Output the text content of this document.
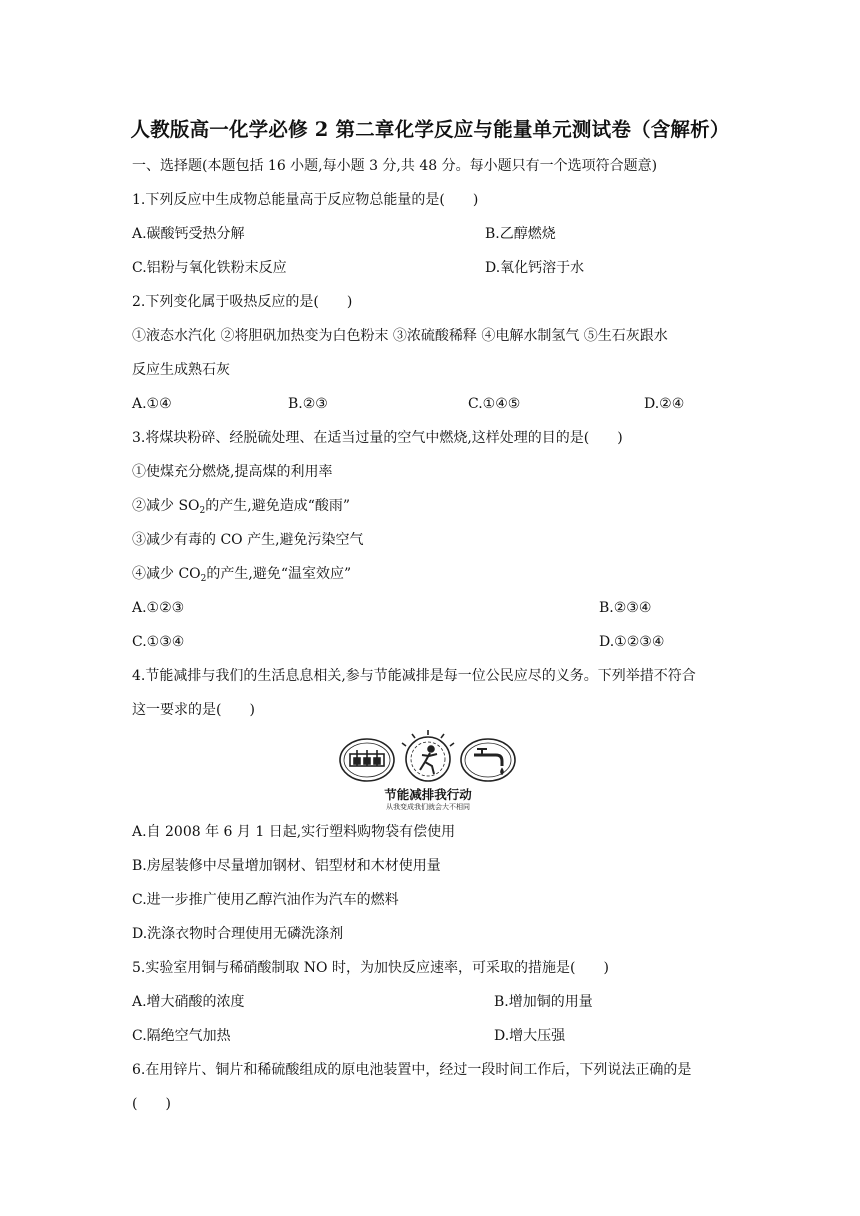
人教版高一化学必修 2 第二章化学反应与能量单元测试卷（含解析）
一、选择题(本题包括 16 小题,每小题 3 分,共 48 分。每小题只有一个选项符合题意)
1.下列反应中生成物总能量高于反应物总能量的是(　　)
A.碳酸钙受热分解	B.乙醇燃烧
C.铝粉与氧化铁粉末反应	D.氧化钙溶于水
2.下列变化属于吸热反应的是(　　)
①液态水汽化 ②将胆矾加热变为白色粉末 ③浓硫酸稀释 ④电解水制氢气 ⑤生石灰跟水
反应生成熟石灰
A.①④	B.②③	C.①④⑤	D.②④
3.将煤块粉碎、经脱硫处理、在适当过量的空气中燃烧,这样处理的目的是(　　)
①使煤充分燃烧,提高煤的利用率
②减少 $SO_2$的产生,避免造成“酸雨”
③减少有毒的 CO 产生,避免污染空气
④减少 $CO_2$的产生,避免“温室效应”
A.①②③	B.②③④
C.①③④	D.①②③④
4.节能减排与我们的生活息息相关,参与节能减排是每一位公民应尽的义务。下列举措不符合
这一要求的是(　　)
节能减排我行动
从我变成我们就会大不相同
A.自 2008 年 6 月 1 日起,实行塑料购物袋有偿使用
B.房屋装修中尽量增加钢材、铝型材和木材使用量
C.进一步推广使用乙醇汽油作为汽车的燃料
D.洗涤衣物时合理使用无磷洗涤剂
5.实验室用铜与稀硝酸制取 NO 时，为加快反应速率，可采取的措施是(　　)
A.增大硝酸的浓度	B.增加铜的用量
C.隔绝空气加热	D.增大压强
6.在用锌片、铜片和稀硫酸组成的原电池装置中，经过一段时间工作后，下列说法正确的是
(　　)
